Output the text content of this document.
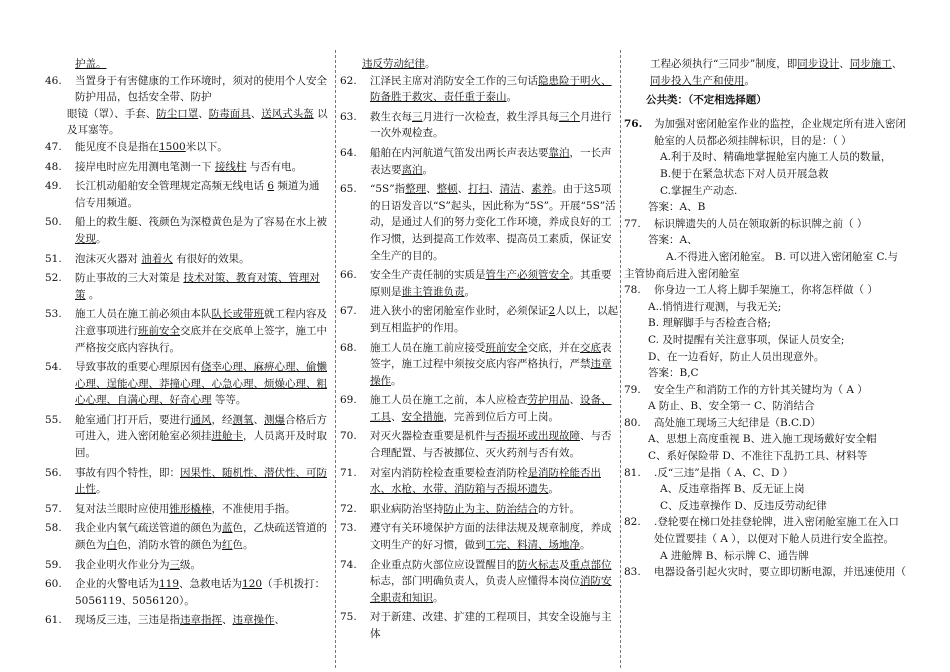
护盖。

46. 当置身于有害健康的工作环境时，须对的使用个人安全防护用品，包括安全带、防护

眼镜（罩）、手套、防尘口罩、防毒面具、送风式头盔 以及耳塞等。

47. 能见度不良是指在1500米以下。
48. 接岸电时应先用测电笔测一下 接线柱 与否有电。
49. 长江机动船舶安全管理规定高频无线电话 6 频道为通信专用频道。
50. 船上的救生艇、筏颜色为深橙黄色是为了容易在水上被发现。
51. 泡沫灭火器对 油着火 有很好的效果。
52. 防止事故的三大对策是 技术对策、教育对策、管理对策 。
53. 施工人员在施工前必须由本队队长或带班就工程内容及注意事项进行班前安全交底并在交底单上签字，施工中严格按交底内容执行。
54. 导致事故的重要心理原因有侥幸心理、麻痹心理、偷懒心理、逞能心理、莽撞心理、心急心理、烦燥心理、粗心心理、自满心理、好奇心理 等等。
55. 舱室通门打开后，要进行通风，经测氧、测爆合格后方可进入，进入密闭舱室必须挂进舱卡，人员离开及时取回。
56. 事故有四个特性，即：因果性、随机性、潜伏性、可防止性。
57. 复对法兰眼时应使用锥形橇棒，不准使用手指。
58. 我企业内氧气疏送管道的颜色为蓝色，乙炔疏送管道的颜色为白色，消防水管的颜色为红色。
59. 我企业明火作业分为三级。
60. 企业的火警电话为119、急救电话为120（手机拨打：5056119、5056120）。
61. 现场反三违，三违是指违章指挥、违章操作、

违反劳动纪律。

62. 江泽民主席对消防安全工作的三句话隐患险于明火、防备胜于救灾、责任重于泰山。
63. 救生衣每三月进行一次检查，救生浮具每三个月进行一次外观检查。
64. 船舶在内河航道气笛发出两长声表达要靠泊，一长声表达要离泊。
65. “5S”指整理、整顿、打扫、清洁、素养。由于这5项的日语发音以“S”起头，因此称为“5S”。开展“5S”活动，是通过人们的努力变化工作环境，养成良好的工作习惯，达到提高工作效率、提高员工素质，保证安全生产的目的。
66. 安全生产责任制的实质是管生产必须管安全。其重要原则是谁主管谁负责。
67. 进入狭小的密闭舱室作业时，必须保证2人以上，以起到互相监护的作用。
68. 施工人员在施工前应接受班前安全交底，并在交底表签字，施工过程中须按交底内容严格执行，严禁违章操作。
69. 施工人员在施工之前，本人应检查劳护用品、设备、工具、安全措施，完善到位后方可上岗。
70. 对灭火器检查重要是机件与否损坏或出现故障、与否合理配置、与否被挪位、灭火药剂与否有效。
71. 对室内消防栓检查重要检查消防栓是消防栓能否出水、水枪、水带、消防箱与否损坏遗失。
72. 职业病防治坚持防止为主、防治结合的方针。
73. 遵守有关环境保护方面的法律法规及规章制度，养成文明生产的好习惯，做到工完、料清、场地净。
74. 企业重点防火部位应设置醒目的防火标志及重点部位标志，部门明确负责人，负责人应懂得本岗位消防安全职责和知识。
75. 对于新建、改建、扩建的工程项目，其安全设施与主体

工程必须执行“三同步”制度，即同步设计、同步施工、同步投入生产和使用。

公共类：（不定相选择题）

76. 为加强对密闭舱室作业的监控，企业规定所有进入密闭舱室的人员都必须挂牌标识，目的是：（ ）

A.利于及时、精确地掌握舱室内施工人员的数量，

B.便于在紧急状态下对人员开展急救

C.掌握生产动态.

答案：A、B

77. 标识牌遗失的人员在领取新的标识牌之前（ ）

答案：A、

A.不得进入密闭舱室。 B. 可以进入密闭舱室 C.与主管协商后进入密闭舱室

78. 你身边一工人将上脚手架施工，你将怎样做（ ）

A..悄悄进行观测，与我无关;

B. 理解脚手与否检查合格;

C. 及时提醒有关注意事项，保证人员安全;

D、在一边看好，防止人员出现意外。

答案：B,C

79. 安全生产和消防工作的方针其关键均为（ A ）

A 防止、B、安全第一 C、防消结合

80. 高处施工现场三大纪律是（B.C.D）

A、思想上高度重视 B、进入施工现场戴好安全帽

C、系好保险带 D、不准往下乱扔工具、材料等

81. .反“三违”是指（ A、C、D ）

A、反违章指挥 B、反无证上岗

C、反违章操作 D、反违反劳动纪律

82. .登轮要在梯口处挂登轮牌，进入密闭舱室施工在入口处位置要挂（ A ），以便对下舱人员进行安全监控。

A 进舱牌 B、标示牌 C、通告牌

83. 电器设备引起火灾时，要立即切断电源，并迅速使用（
